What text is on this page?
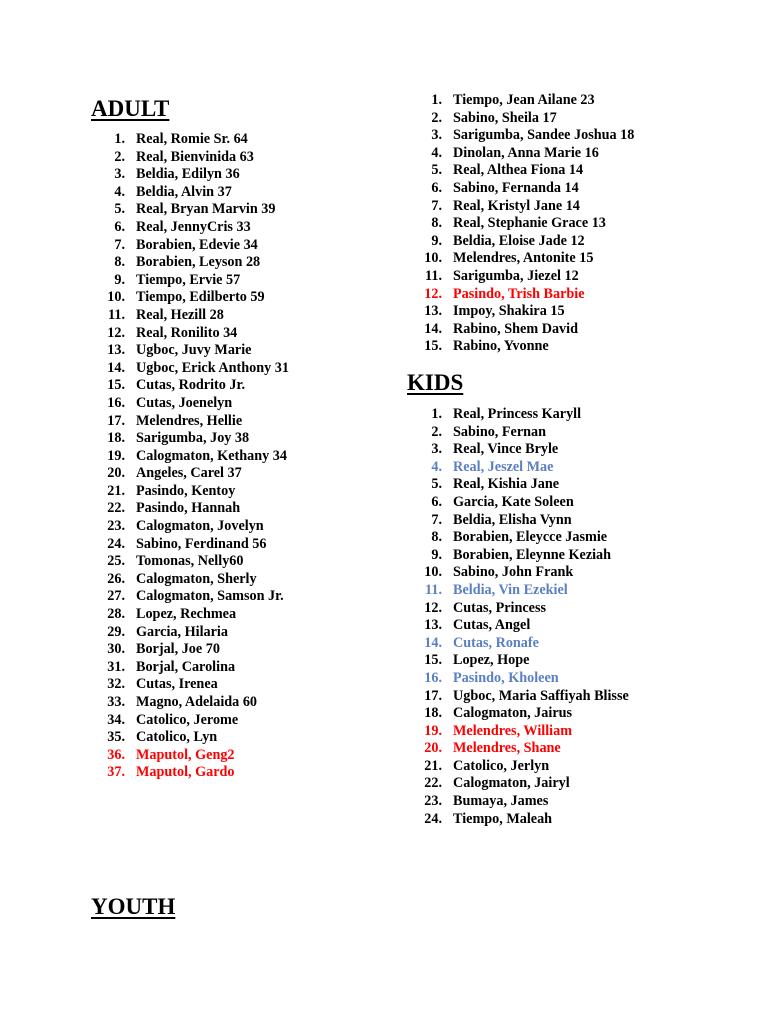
ADULT
1. Real, Romie Sr. 64
2. Real, Bienvinida 63
3. Beldia, Edilyn 36
4. Beldia, Alvin 37
5. Real, Bryan Marvin 39
6. Real, JennyCris 33
7. Borabien, Edevie 34
8. Borabien, Leyson 28
9. Tiempo, Ervie 57
10. Tiempo, Edilberto 59
11. Real, Hezill 28
12. Real, Ronilito 34
13. Ugboc, Juvy Marie
14. Ugboc, Erick Anthony 31
15. Cutas, Rodrito Jr.
16. Cutas, Joenelyn
17. Melendres, Hellie
18. Sarigumba, Joy 38
19. Calogmaton, Kethany 34
20. Angeles, Carel 37
21. Pasindo, Kentoy
22. Pasindo, Hannah
23. Calogmaton, Jovelyn
24. Sabino, Ferdinand 56
25. Tomonas, Nelly60
26. Calogmaton, Sherly
27. Calogmaton, Samson Jr.
28. Lopez, Rechmea
29. Garcia, Hilaria
30. Borjal, Joe 70
31. Borjal, Carolina
32. Cutas, Irenea
33. Magno, Adelaida 60
34. Catolico, Jerome
35. Catolico, Lyn
36. Maputol, Geng2
37. Maputol, Gardo
1. Tiempo, Jean Ailane 23
2. Sabino, Sheila 17
3. Sarigumba, Sandee Joshua 18
4. Dinolan, Anna Marie 16
5. Real, Althea Fiona 14
6. Sabino, Fernanda 14
7. Real, Kristyl Jane 14
8. Real, Stephanie Grace 13
9. Beldia, Eloise Jade 12
10. Melendres, Antonite 15
11. Sarigumba, Jiezel 12
12. Pasindo, Trish Barbie
13. Impoy, Shakira 15
14. Rabino, Shem David
15. Rabino, Yvonne
KIDS
1. Real, Princess Karyll
2. Sabino, Fernan
3. Real, Vince Bryle
4. Real, Jeszel Mae
5. Real, Kishia Jane
6. Garcia, Kate Soleen
7. Beldia, Elisha Vynn
8. Borabien, Eleycce Jasmie
9. Borabien, Eleynne Keziah
10. Sabino, John Frank
11. Beldia, Vin Ezekiel
12. Cutas, Princess
13. Cutas, Angel
14. Cutas, Ronafe
15. Lopez, Hope
16. Pasindo, Kholeen
17. Ugboc, Maria Saffiyah Blisse
18. Calogmaton, Jairus
19. Melendres, William
20. Melendres, Shane
21. Catolico, Jerlyn
22. Calogmaton, Jairyl
23. Bumaya, James
24. Tiempo, Maleah
YOUTH
